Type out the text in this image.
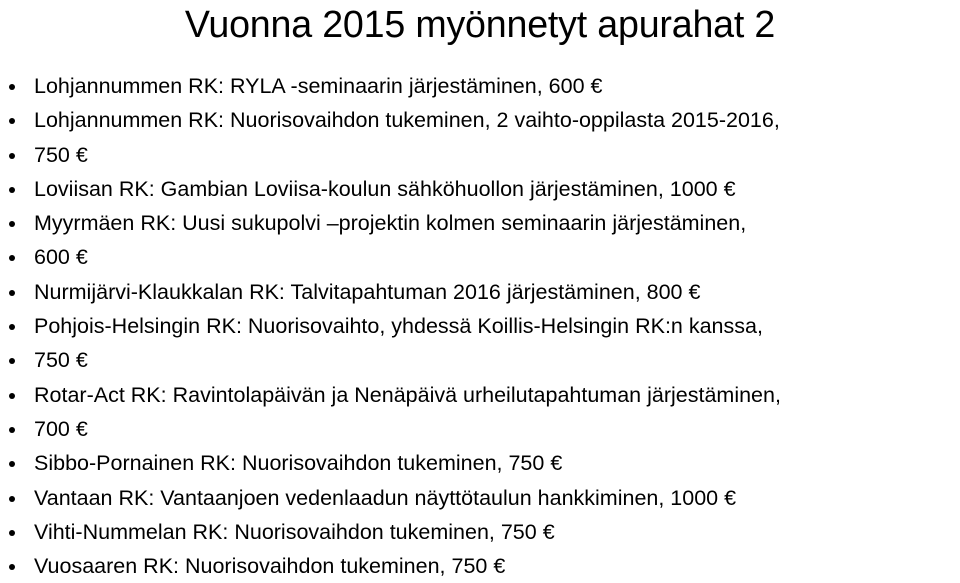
Vuonna 2015 myönnetyt apurahat 2
Lohjannummen RK: RYLA -seminaarin järjestäminen, 600 €
Lohjannummen RK: Nuorisovaihdon tukeminen, 2 vaihto-oppilasta 2015-2016,
750 €
Loviisan RK: Gambian Loviisa-koulun sähköhuollon järjestäminen, 1000 €
Myyrmäen RK: Uusi sukupolvi –projektin kolmen seminaarin järjestäminen,
600 €
Nurmijärvi-Klaukkalan RK: Talvitapahtuman 2016 järjestäminen, 800 €
Pohjois-Helsingin RK: Nuorisovaihto, yhdessä Koillis-Helsingin RK:n kanssa,
750 €
Rotar-Act RK: Ravintolapäivän ja Nenäpäivä urheilutapahtuman järjestäminen,
700 €
Sibbo-Pornainen RK: Nuorisovaihdon tukeminen, 750 €
Vantaan RK: Vantaanjoen vedenlaadun näyttötaulun hankkiminen, 1000 €
Vihti-Nummelan RK: Nuorisovaihdon tukeminen, 750 €
Vuosaaren RK: Nuorisovaihdon tukeminen, 750 €
